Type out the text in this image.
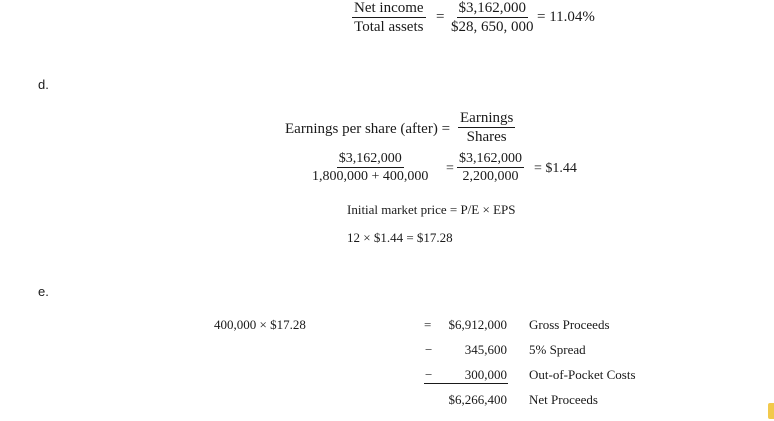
Net income
Total assets
= $\frac{\$3,162,000}{\$28, 650, 000} = 11.04\%$
d.
Earnings per share (after) =
Earnings
Shares
$\frac{\$3,162,000}{1,800,000 + 400,000} = \frac{\$3,162,000}{2,200,000}$ = $1.44
Initial market price = P/E × EPS
12 × $1.44 = $17.28
e.
400,000 × $17.28	= $6,912,000 Gross Proceeds
− 345,600 5% Spread
− 300,000 Out-of-Pocket Costs
$6,266,400 Net Proceeds
